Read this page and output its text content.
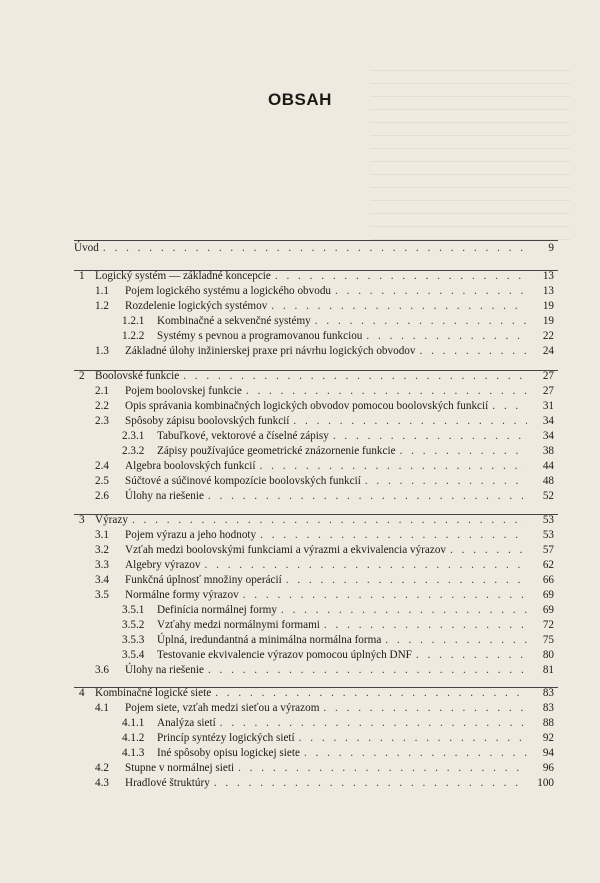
OBSAH
Úvod . . .	9
1 Logický systém — základné koncepcie . . .	13
1.1	Pojem logického systému a logického obvodu . . .	13
1.2	Rozdelenie logických systémov . . .	19
1.2.1	Kombinačné a sekvenčné systémy . . .	19
1.2.2	Systémy s pevnou a programovanou funkciou . . .	22
1.3	Základné úlohy inžinierskej praxe pri návrhu logických obvodov . . .	24
2 Boolovské funkcie . . .	27
2.1	Pojem boolovskej funkcie . . .	27
2.2	Opis správania kombinačných logických obvodov pomocou boolovských funkcií . . .	31
2.3	Spôsoby zápisu boolovských funkcií . . .	34
2.3.1	Tabuľkové, vektorové a číselné zápisy . . .	34
2.3.2	Zápisy používajúce geometrické znázornenie funkcie . . .	38
2.4	Algebra boolovských funkcií . . .	44
2.5	Súčtové a súčinové kompozície boolovských funkcií . . .	48
2.6	Úlohy na riešenie . . .	52
3 Výrazy . . .	53
3.1	Pojem výrazu a jeho hodnoty . . .	53
3.2	Vzťah medzi boolovskými funkciami a výrazmi a ekvivalencia výrazov . . .	57
3.3	Algebry výrazov . . .	62
3.4	Funkčná úplnosť množiny operácií . . .	66
3.5	Normálne formy výrazov . . .	69
3.5.1	Definícia normálnej formy . . .	69
3.5.2	Vzťahy medzi normálnymi formami . . .	72
3.5.3	Úplná, iredundantná a minimálna normálna forma . . .	75
3.5.4	Testovanie ekvivalencie výrazov pomocou úplných DNF . . .	80
3.6	Úlohy na riešenie . . .	81
4 Kombinačné logické siete . . .	83
4.1	Pojem siete, vzťah medzi sieťou a výrazom . . .	83
4.1.1	Analýza sietí . . .	88
4.1.2	Princíp syntézy logických sietí . . .	92
4.1.3	Iné spôsoby opisu logickej siete . . .	94
4.2	Stupne v normálnej sieti . . .	96
4.3	Hradlové štruktúry . . .	100
